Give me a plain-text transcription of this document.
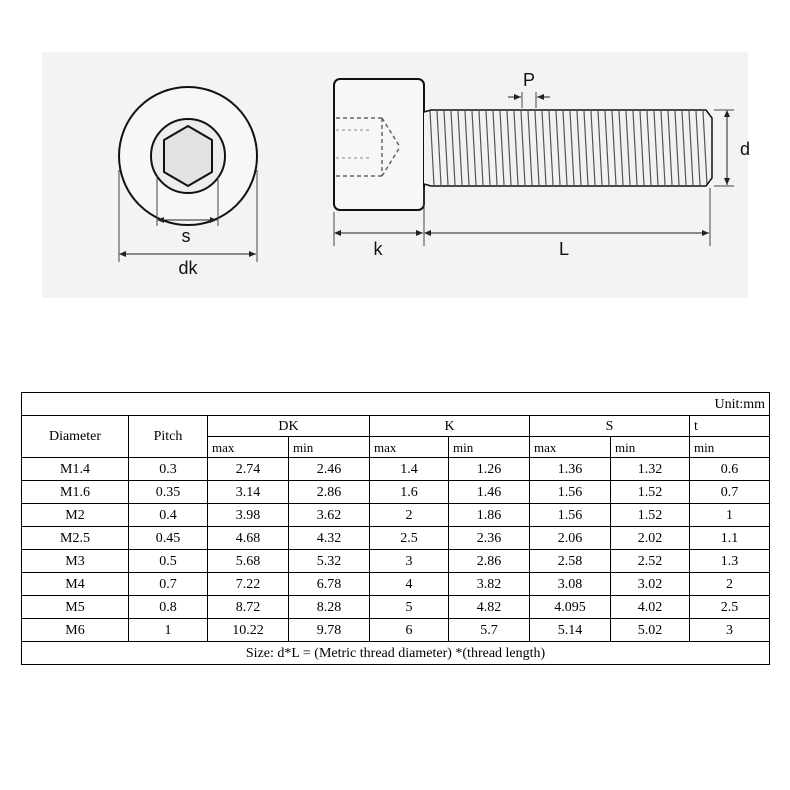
s
dk
P
d
k	L
Unit:mm								
Diameter	Pitch	DK		K		S		t
		max	min	max	min	max	min	min
M1.4	0.3	2.74	2.46	1.4	1.26	1.36	1.32	0.6
M1.6	0.35	3.14	2.86	1.6	1.46	1.56	1.52	0.7
M2	0.4	3.98	3.62	2	1.86	1.56	1.52	1
M2.5	0.45	4.68	4.32	2.5	2.36	2.06	2.02	1.1
M3	0.5	5.68	5.32	3	2.86	2.58	2.52	1.3
M4	0.7	7.22	6.78	4	3.82	3.08	3.02	2
M5	0.8	8.72	8.28	5	4.82	4.095	4.02	2.5
M6	1	10.22	9.78	6	5.7	5.14	5.02	3
Size: d*L = (Metric thread diameter) *(thread length)								
